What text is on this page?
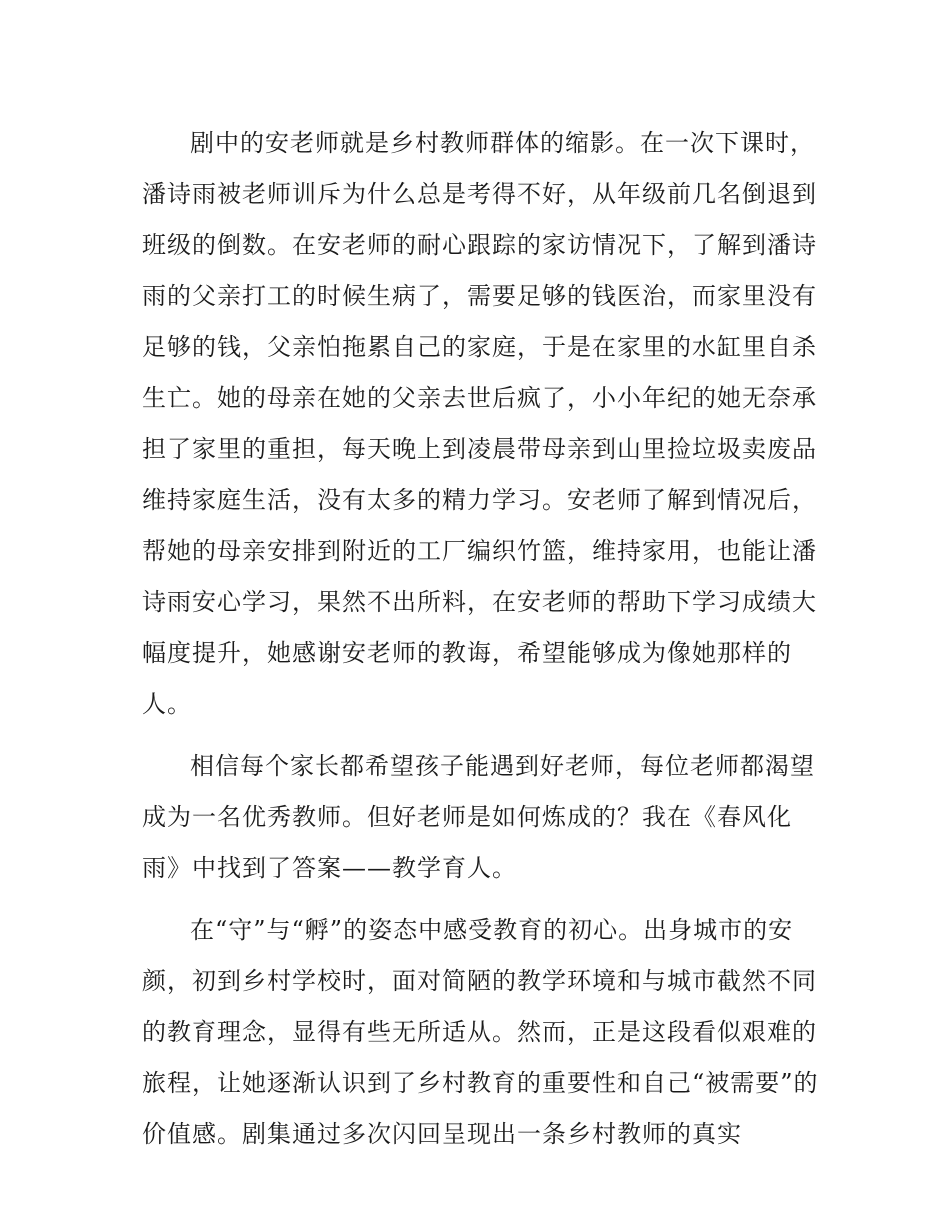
剧中的安老师就是乡村教师群体的缩影。在一次下课时，潘诗雨被老师训斥为什么总是考得不好，从年级前几名倒退到班级的倒数。在安老师的耐心跟踪的家访情况下，了解到潘诗雨的父亲打工的时候生病了，需要足够的钱医治，而家里没有足够的钱，父亲怕拖累自己的家庭，于是在家里的水缸里自杀生亡。她的母亲在她的父亲去世后疯了，小小年纪的她无奈承担了家里的重担，每天晚上到凌晨带母亲到山里捡垃圾卖废品维持家庭生活，没有太多的精力学习。安老师了解到情况后，帮她的母亲安排到附近的工厂编织竹篮，维持家用，也能让潘诗雨安心学习，果然不出所料，在安老师的帮助下学习成绩大幅度提升，她感谢安老师的教诲，希望能够成为像她那样的人。

相信每个家长都希望孩子能遇到好老师，每位老师都渴望成为一名优秀教师。但好老师是如何炼成的？我在《春风化雨》中找到了答案——教学育人。

在“守”与“孵”的姿态中感受教育的初心。出身城市的安颜，初到乡村学校时，面对简陋的教学环境和与城市截然不同的教育理念，显得有些无所适从。然而，正是这段看似艰难的旅程，让她逐渐认识到了乡村教育的重要性和自己“被需要”的价值感。剧集通过多次闪回呈现出一条乡村教师的真实
